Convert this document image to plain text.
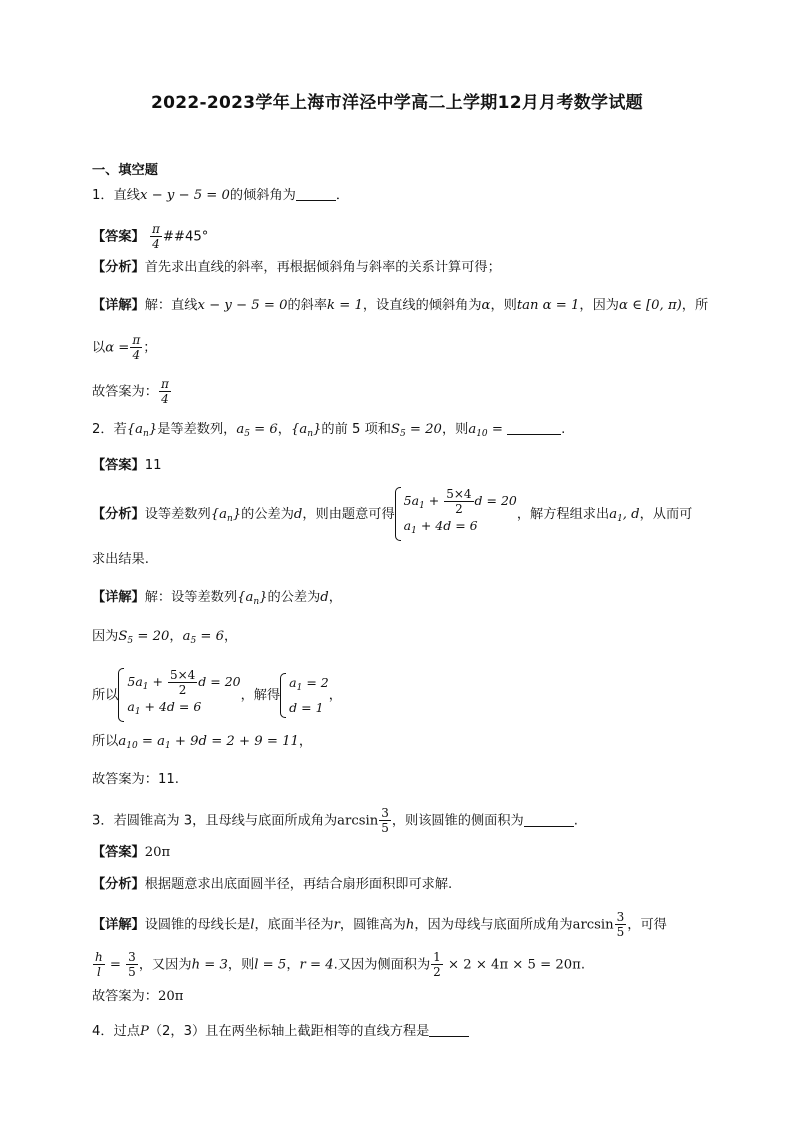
2022-2023学年上海市洋泾中学高二上学期12月月考数学试题
一、填空题
1．直线x − y − 5 = 0的倾斜角为	．
【答案】 $\frac{\pi}{4}$ ##45°
【分析】首先求出直线的斜率，再根据倾斜角与斜率的关系计算可得；
【详解】解：直线x − y − 5 = 0的斜率k = 1，设直线的倾斜角为α，则tan α = 1，因为α ∈ [0, π)，所
以$\alpha = \frac{\pi}{4}$ ；
故答案为： $\frac{\pi}{4}$
2．若$\{a_n\}$是等差数列，$a_5 = 6$，$\{a_n\}$的前 5 项和$S_5 = 20$，则$a_{10}$ =	.
【答案】11
【分析】设等差数列$\{a_n\}$的公差为d，则由题意可得
$5a_1 + \frac{5\times 4}{2}$ d = 20
$a_1 + 4d = 6$
，解方程组求出$a_1$, d，从而可
求出结果.
【详解】解：设等差数列$\{a_n\}$的公差为d，
因为$S_5 = 20$，$a_5 = 6$，
所以
$5a_1 + \frac{5\times 4}{2}$ d = 20
$a_1 + 4d = 6$
，解得
$a_1 = 2$
d = 1
，
所以$a_{10} = a_1 + 9d = 2 + 9 = 11$，
故答案为：11.
3．若圆锥高为 3，且母线与底面所成角为$\arcsin \frac{3}{5}$ ，则该圆锥的侧面积为	.
【答案】20π
【分析】根据题意求出底面圆半径，再结合扇形面积即可求解.
【详解】设圆锥的母线长是l，底面半径为r，圆锥高为h，因为母线与底面所成角为$\arcsin \frac{3}{5}$ ，可得
$\frac{h}{l} = \frac{3}{5}$ ，又因为h = 3，则l = 5，r = 4.又因为侧面积为 $\frac{1}{2} \times 2 \times 4\pi \times 5 = 20\pi$.
故答案为：20π
4．过点P（2，3）且在两坐标轴上截距相等的直线方程是
